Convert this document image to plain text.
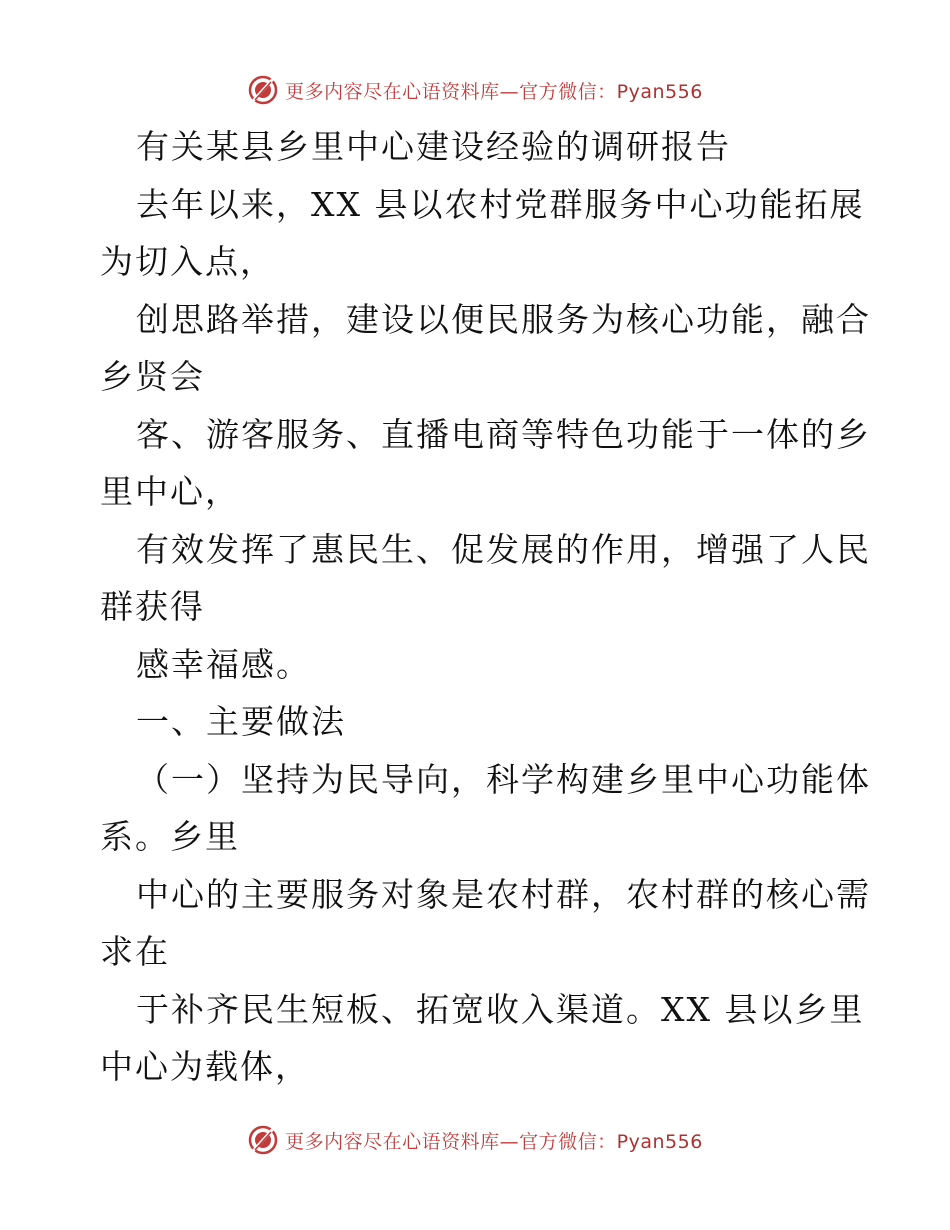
更多内容尽在心语资料库—官方微信：Pyan556
有关某县乡里中心建设经验的调研报告
去年以来，XX 县以农村党群服务中心功能拓展
为切入点，
创思路举措，建设以便民服务为核心功能，融合
乡贤会
客、游客服务、直播电商等特色功能于一体的乡
里中心，
有效发挥了惠民生、促发展的作用，增强了人民
群获得
感幸福感。
一、主要做法
（一）坚持为民导向，科学构建乡里中心功能体
系。乡里
中心的主要服务对象是农村群，农村群的核心需
求在
于补齐民生短板、拓宽收入渠道。XX 县以乡里
中心为载体，
更多内容尽在心语资料库—官方微信：Pyan556
